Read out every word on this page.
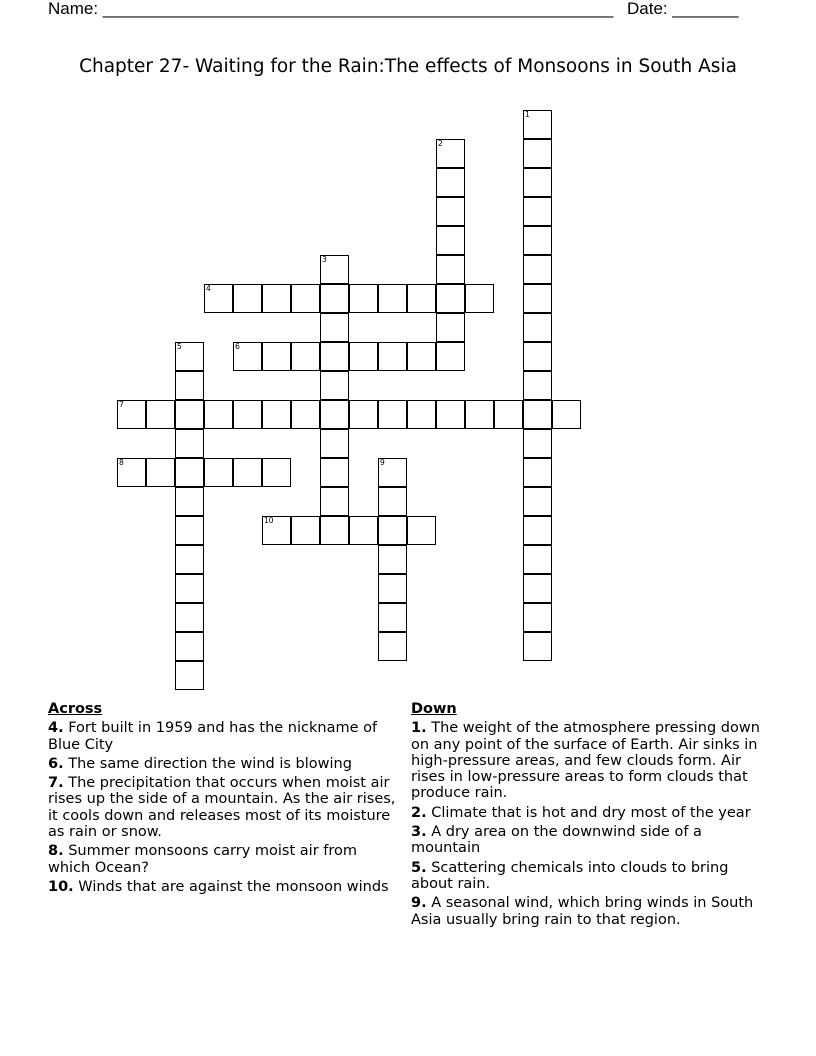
Name: ______________________________________________________ Date: _______
Chapter 27- Waiting for the Rain:The effects of Monsoons in South Asia
1
2
3
4
5	6
7
8	9
10
Across
4. Fort built in 1959 and has the nickname of Blue City
6. The same direction the wind is blowing
7. The precipitation that occurs when moist air rises up the side of a mountain. As the air rises, it cools down and releases most of its moisture as rain or snow.
8. Summer monsoons carry moist air from which Ocean?
10. Winds that are against the monsoon winds
Down
1. The weight of the atmosphere pressing down on any point of the surface of Earth. Air sinks in high-pressure areas, and few clouds form. Air rises in low-pressure areas to form clouds that produce rain.
2. Climate that is hot and dry most of the year
3. A dry area on the downwind side of a mountain
5. Scattering chemicals into clouds to bring about rain.
9. A seasonal wind, which bring winds in South Asia usually bring rain to that region.
